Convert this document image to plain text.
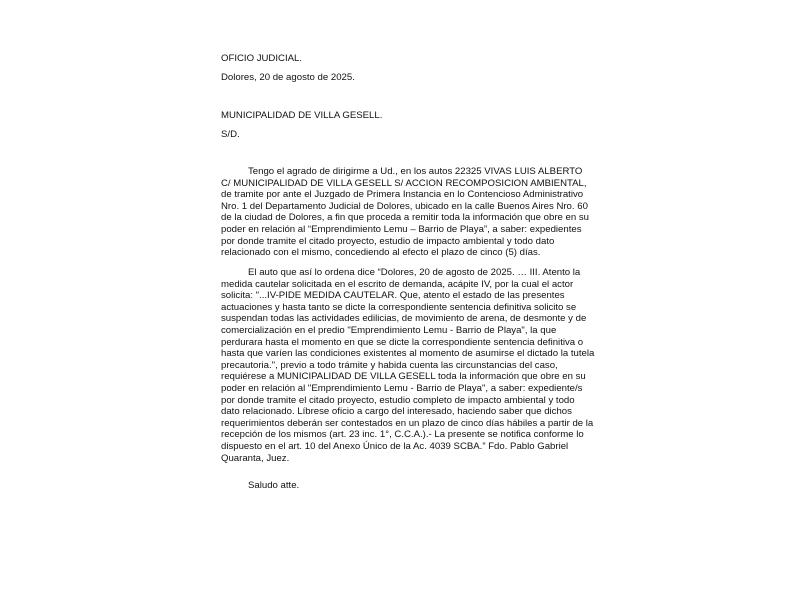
OFICIO JUDICIAL.
Dolores, 20 de agosto de 2025.
MUNICIPALIDAD DE VILLA GESELL.
S/D.
Tengo el agrado de dirigirme a Ud., en los autos 22325 VIVAS LUIS ALBERTO
C/ MUNICIPALIDAD DE VILLA GESELL S/ ACCION RECOMPOSICION AMBIENTAL,
de tramite por ante el Juzgado de Primera Instancia en lo Contencioso Administrativo
Nro. 1 del Departamento Judicial de Dolores, ubicado en la calle Buenos Aires Nro. 60
de la ciudad de Dolores, a fin que proceda a remitir toda la información que obre en su
poder en relación al “Emprendimiento Lemu – Barrio de Playa”, a saber: expedientes
por donde tramite el citado proyecto, estudio de impacto ambiental y todo dato
relacionado con el mismo, concediendo al efecto el plazo de cinco (5) días.
El auto que así lo ordena dice “Dolores, 20 de agosto de 2025. … III. Atento la
medida cautelar solicitada en el escrito de demanda, acápite IV, por la cual el actor
solicita: "...IV-PIDE MEDIDA CAUTELAR. Que, atento el estado de las presentes
actuaciones y hasta tanto se dicte la correspondiente sentencia definitiva solicito se
suspendan todas las actividades edilicias, de movimiento de arena, de desmonte y de
comercialización en el predio "Emprendimiento Lemu - Barrio de Playa", la que
perdurara hasta el momento en que se dicte la correspondiente sentencia definitiva o
hasta que varíen las condiciones existentes al momento de asumirse el dictado la tutela
precautoria.", previo a todo trámite y habida cuenta las circunstancias del caso,
requiérese a MUNICIPALIDAD DE VILLA GESELL toda la información que obre en su
poder en relación al "Emprendimiento Lemu - Barrio de Playa", a saber: expediente/s
por donde tramite el citado proyecto, estudio completo de impacto ambiental y todo
dato relacionado. Líbrese oficio a cargo del interesado, haciendo saber que dichos
requerimientos deberán ser contestados en un plazo de cinco días hábiles a partir de la
recepción de los mismos (art. 23 inc. 1°, C.C.A.).- La presente se notifica conforme lo
dispuesto en el art. 10 del Anexo Único de la Ac. 4039 SCBA.” Fdo. Pablo Gabriel
Quaranta, Juez.
Saludo atte.
